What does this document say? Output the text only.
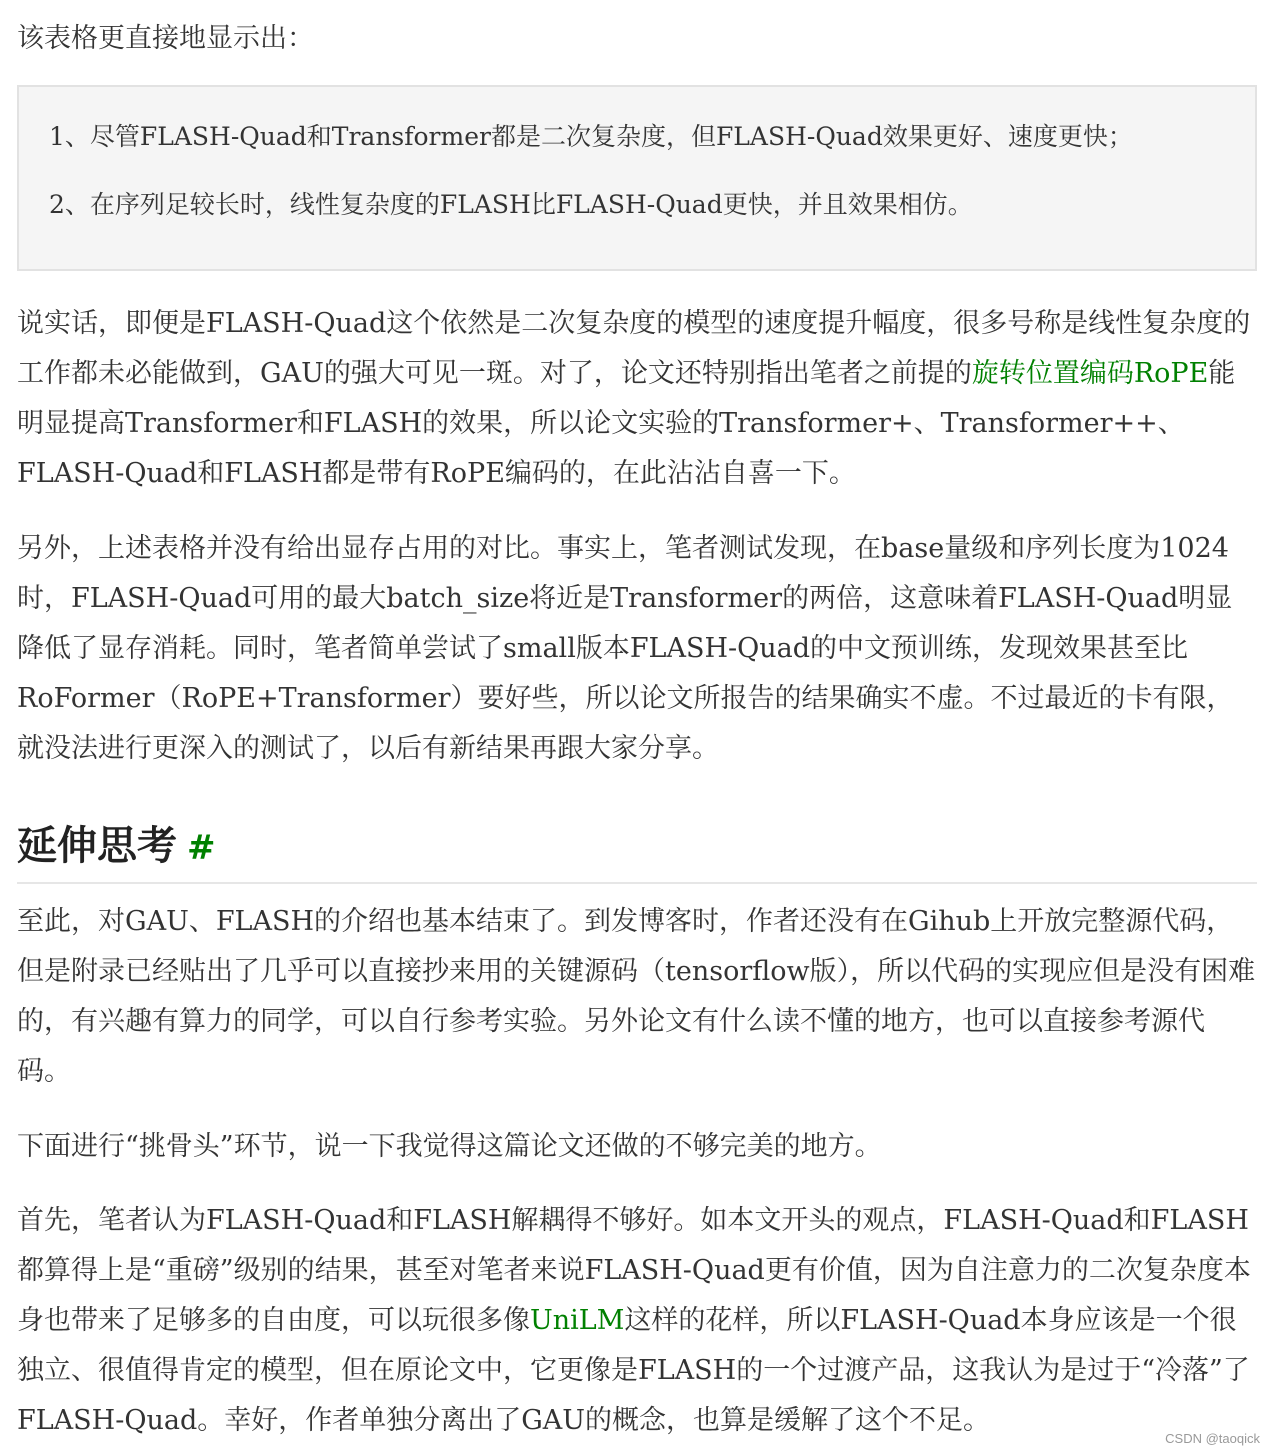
该表格更直接地显示出：

1、尽管FLASH-Quad和Transformer都是二次复杂度，但FLASH-Quad效果更好、速度更快；

2、在序列足较长时，线性复杂度的FLASH比FLASH-Quad更快，并且效果相仿。

说实话，即便是FLASH-Quad这个依然是二次复杂度的模型的速度提升幅度，很多号称是线性复杂度的工作都未必能做到，GAU的强大可见一斑。对了，论文还特别指出笔者之前提的旋转位置编码RoPE能明显提高Transformer和FLASH的效果，所以论文实验的Transformer+、Transformer++、FLASH-Quad和FLASH都是带有RoPE编码的，在此沾沾自喜一下。

另外，上述表格并没有给出显存占用的对比。事实上，笔者测试发现，在base量级和序列长度为1024时，FLASH-Quad可用的最大batch_size将近是Transformer的两倍，这意味着FLASH-Quad明显降低了显存消耗。同时，笔者简单尝试了small版本FLASH-Quad的中文预训练，发现效果甚至比RoFormer（RoPE+Transformer）要好些，所以论文所报告的结果确实不虚。不过最近的卡有限，就没法进行更深入的测试了，以后有新结果再跟大家分享。

延伸思考 #

至此，对GAU、FLASH的介绍也基本结束了。到发博客时，作者还没有在Gihub上开放完整源代码，但是附录已经贴出了几乎可以直接抄来用的关键源码（tensorflow版），所以代码的实现应但是没有困难的，有兴趣有算力的同学，可以自行参考实验。另外论文有什么读不懂的地方，也可以直接参考源代码。

下面进行“挑骨头”环节，说一下我觉得这篇论文还做的不够完美的地方。

首先，笔者认为FLASH-Quad和FLASH解耦得不够好。如本文开头的观点，FLASH-Quad和FLASH都算得上是“重磅”级别的结果，甚至对笔者来说FLASH-Quad更有价值，因为自注意力的二次复杂度本身也带来了足够多的自由度，可以玩很多像UniLM这样的花样，所以FLASH-Quad本身应该是一个很独立、很值得肯定的模型，但在原论文中，它更像是FLASH的一个过渡产品，这我认为是过于“冷落”了FLASH-Quad。幸好，作者单独分离出了GAU的概念，也算是缓解了这个不足。

CSDN @taoqick
